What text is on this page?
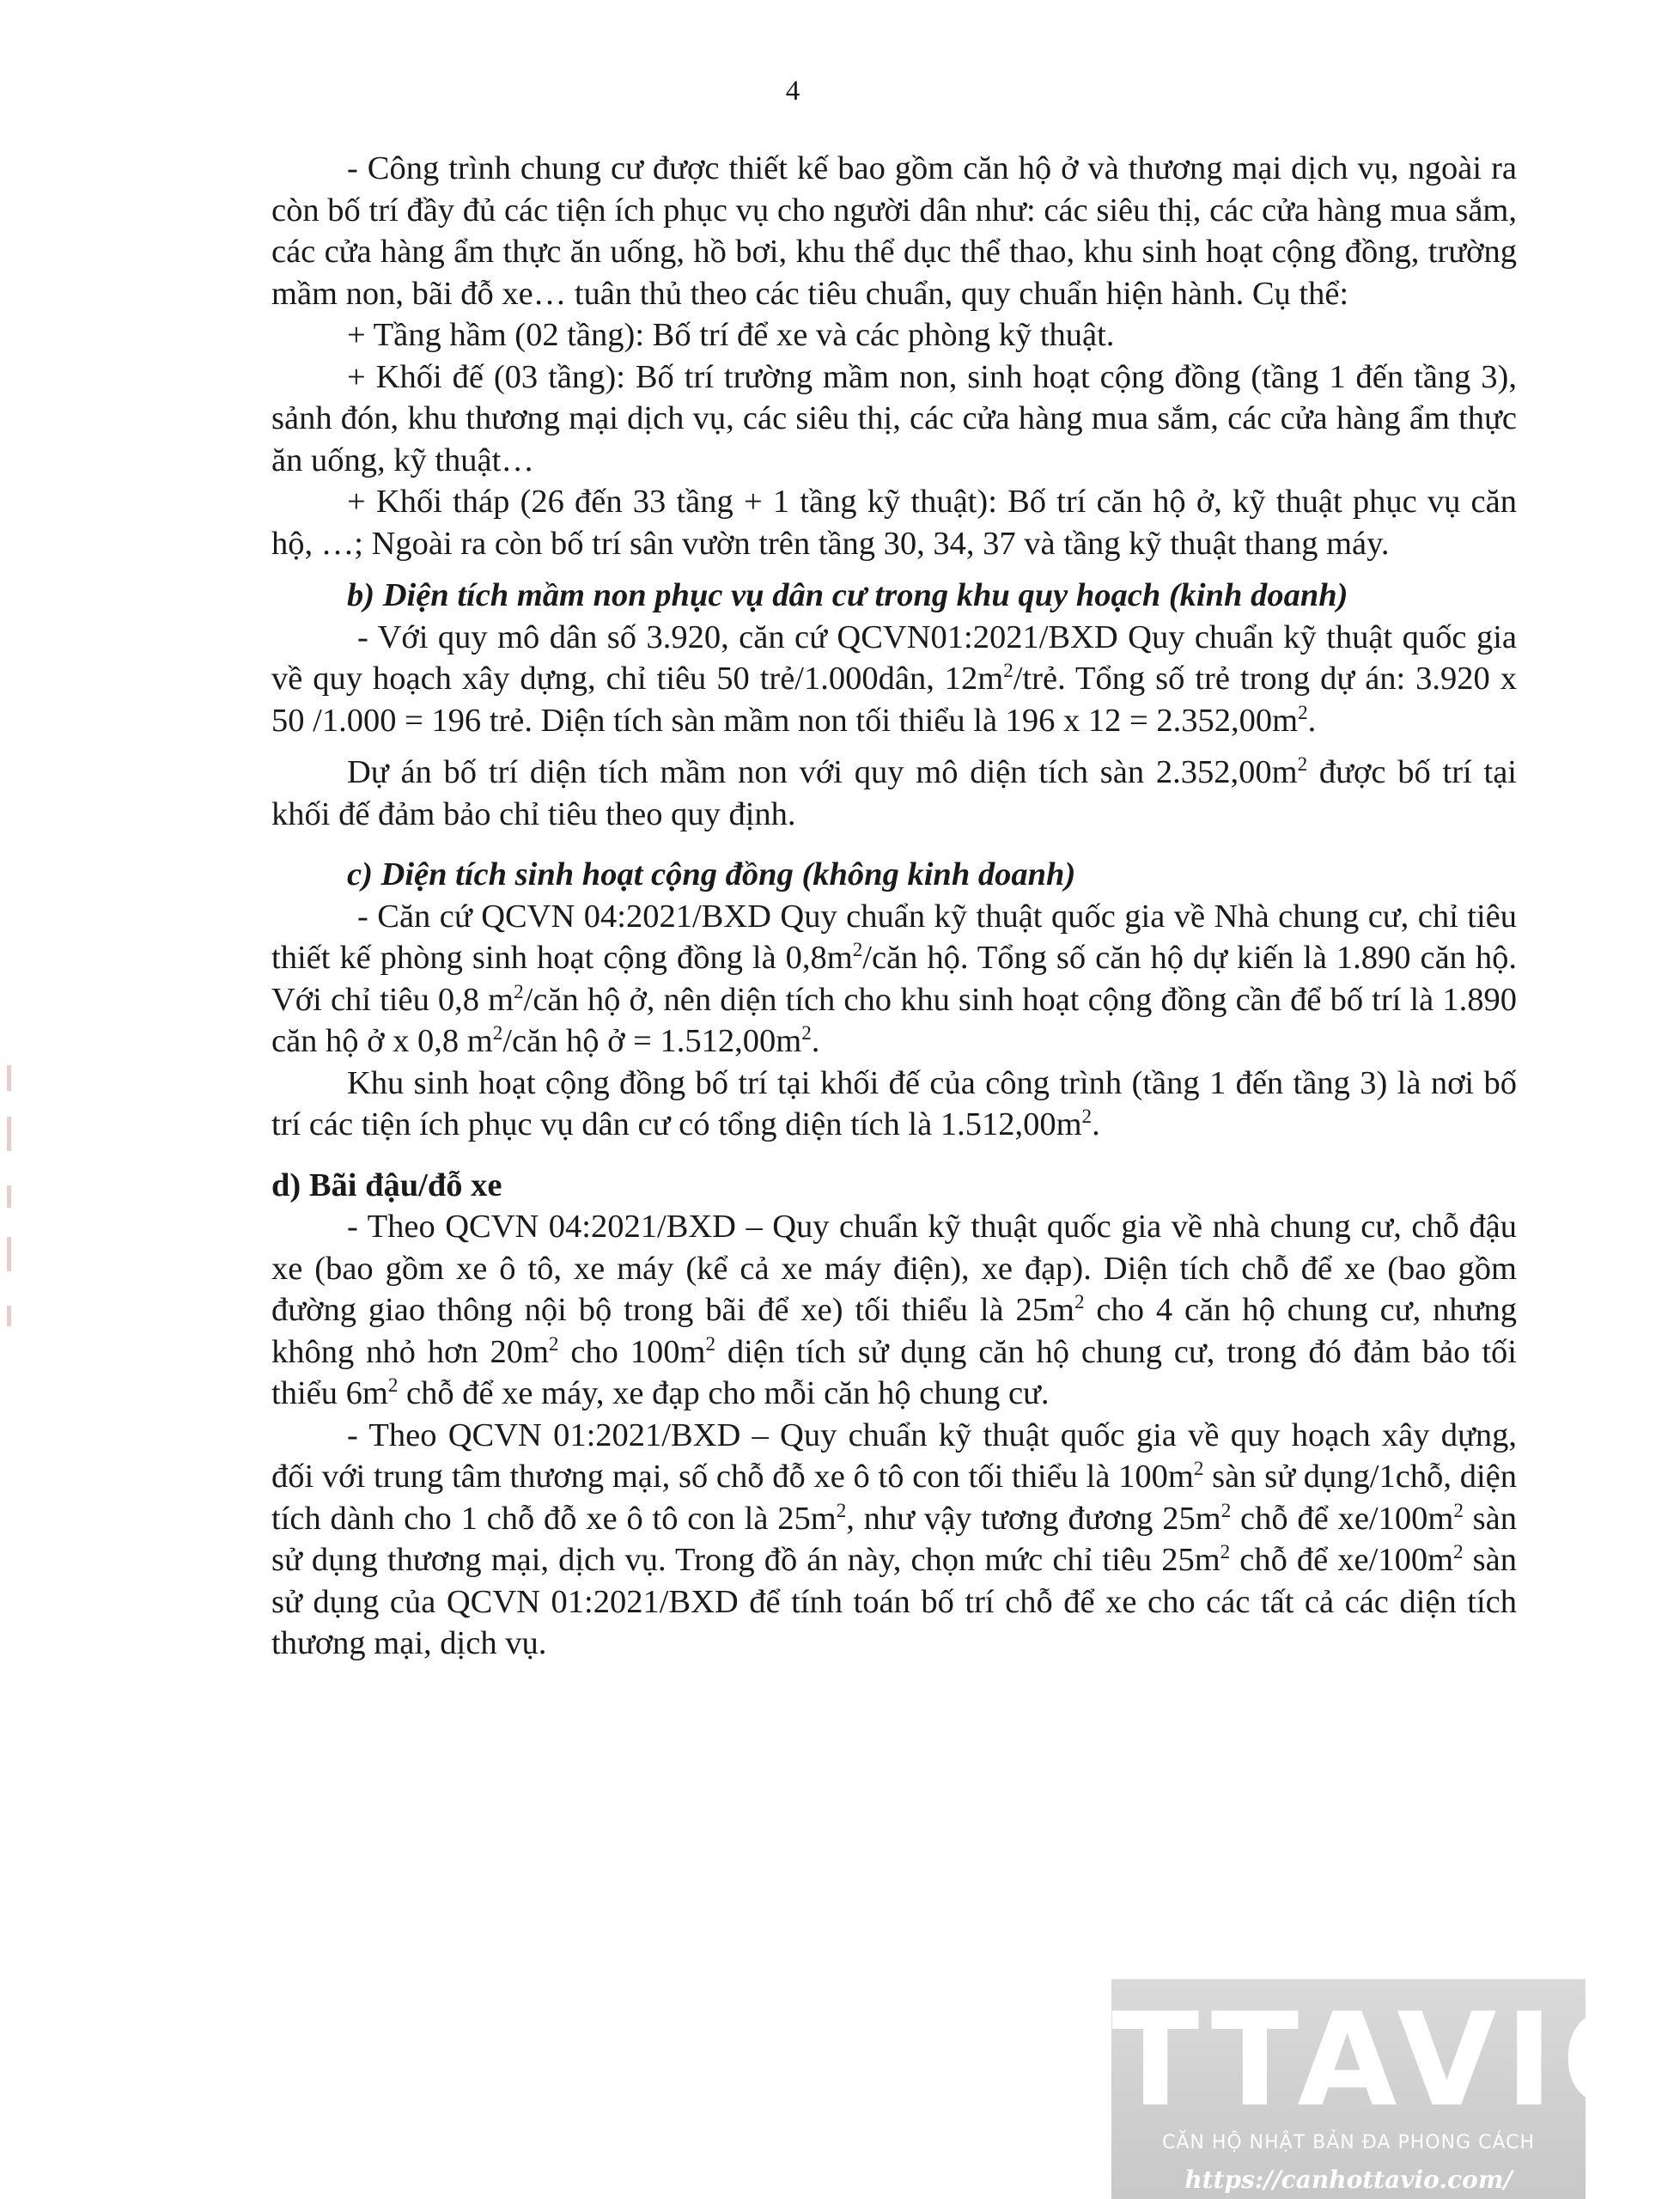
4

- Công trình chung cư được thiết kế bao gồm căn hộ ở và thương mại dịch vụ, ngoài ra còn bố trí đầy đủ các tiện ích phục vụ cho người dân như: các siêu thị, các cửa hàng mua sắm, các cửa hàng ẩm thực ăn uống, hồ bơi, khu thể dục thể thao, khu sinh hoạt cộng đồng, trường mầm non, bãi đỗ xe… tuân thủ theo các tiêu chuẩn, quy chuẩn hiện hành. Cụ thể:

+ Tầng hầm (02 tầng): Bố trí để xe và các phòng kỹ thuật.

+ Khối đế (03 tầng): Bố trí trường mầm non, sinh hoạt cộng đồng (tầng 1 đến tầng 3), sảnh đón, khu thương mại dịch vụ, các siêu thị, các cửa hàng mua sắm, các cửa hàng ẩm thực ăn uống, kỹ thuật…

+ Khối tháp (26 đến 33 tầng + 1 tầng kỹ thuật): Bố trí căn hộ ở, kỹ thuật phục vụ căn hộ, …; Ngoài ra còn bố trí sân vườn trên tầng 30, 34, 37 và tầng kỹ thuật thang máy.

b) Diện tích mầm non phục vụ dân cư trong khu quy hoạch (kinh doanh)

- Với quy mô dân số 3.920, căn cứ QCVN01:2021/BXD Quy chuẩn kỹ thuật quốc gia về quy hoạch xây dựng, chỉ tiêu 50 trẻ/1.000dân, $12m^2$/trẻ. Tổng số trẻ trong dự án: 3.920 x 50 /1.000 = 196 trẻ. Diện tích sàn mầm non tối thiểu là 196 x $12 = 2.352,00m^2$.

Dự án bố trí diện tích mầm non với quy mô diện tích sàn $2.352,00m^2$ được bố trí tại khối đế đảm bảo chỉ tiêu theo quy định.

c) Diện tích sinh hoạt cộng đồng (không kinh doanh)

- Căn cứ QCVN 04:2021/BXD Quy chuẩn kỹ thuật quốc gia về Nhà chung cư, chỉ tiêu thiết kế phòng sinh hoạt cộng đồng là $0,8m^2$/căn hộ. Tổng số căn hộ dự kiến là 1.890 căn hộ. Với chỉ tiêu 0,8 $m^2$/căn hộ ở, nên diện tích cho khu sinh hoạt cộng đồng cần để bố trí là 1.890 căn hộ ở x 0,8 $m^2$/căn hộ ở = $1.512,00m^2$.

Khu sinh hoạt cộng đồng bố trí tại khối đế của công trình (tầng 1 đến tầng 3) là nơi bố trí các tiện ích phục vụ dân cư có tổng diện tích là $1.512,00m^2$.

d) Bãi đậu/đỗ xe

- Theo QCVN 04:2021/BXD – Quy chuẩn kỹ thuật quốc gia về nhà chung cư, chỗ đậu xe (bao gồm xe ô tô, xe máy (kể cả xe máy điện), xe đạp). Diện tích chỗ để xe (bao gồm đường giao thông nội bộ trong bãi để xe) tối thiểu là $25m^2$ cho 4 căn hộ chung cư, nhưng không nhỏ hơn $20m^2$ cho $100m^2$ diện tích sử dụng căn hộ chung cư, trong đó đảm bảo tối thiểu $6m^2$ chỗ để xe máy, xe đạp cho mỗi căn hộ chung cư.

- Theo QCVN 01:2021/BXD – Quy chuẩn kỹ thuật quốc gia về quy hoạch xây dựng, đối với trung tâm thương mại, số chỗ đỗ xe ô tô con tối thiểu là $100m^2$ sàn sử dụng/1chỗ, diện tích dành cho 1 chỗ đỗ xe ô tô con là $25m^2$, như vậy tương đương $25m^2$ chỗ để $xe/100m^2$ sàn sử dụng thương mại, dịch vụ. Trong đồ án này, chọn mức chỉ tiêu $25m^2$ chỗ để $xe/100m^2$ sàn sử dụng của QCVN 01:2021/BXD để tính toán bố trí chỗ để xe cho các tất cả các diện tích thương mại, dịch vụ.

TTAVIO
CĂN HỘ NHẬT BẢN ĐA PHONG CÁCH
https://canhottavio.com/
